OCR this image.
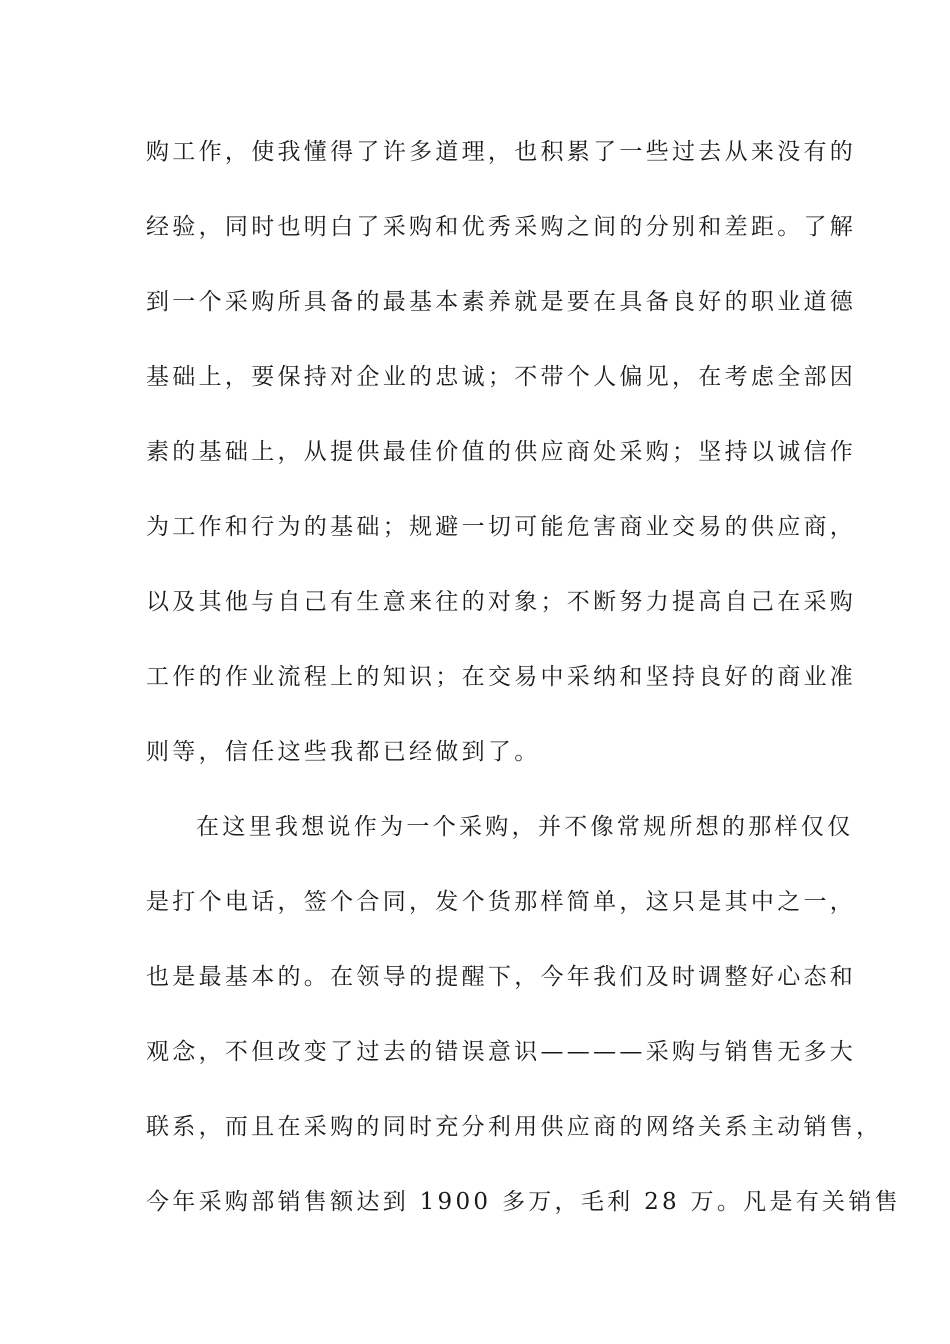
购工作，使我懂得了许多道理，也积累了一些过去从来没有的
经验，同时也明白了采购和优秀采购之间的分别和差距。了解
到一个采购所具备的最基本素养就是要在具备良好的职业道德
基础上，要保持对企业的忠诚；不带个人偏见，在考虑全部因
素的基础上，从提供最佳价值的供应商处采购；坚持以诚信作
为工作和行为的基础；规避一切可能危害商业交易的供应商，
以及其他与自己有生意来往的对象；不断努力提高自己在采购
工作的作业流程上的知识；在交易中采纳和坚持良好的商业准
则等，信任这些我都已经做到了。
在这里我想说作为一个采购，并不像常规所想的那样仅仅
是打个电话，签个合同，发个货那样简单，这只是其中之一，
也是最基本的。在领导的提醒下，今年我们及时调整好心态和
观念，不但改变了过去的错误意识————采购与销售无多大
联系，而且在采购的同时充分利用供应商的网络关系主动销售，
今年采购部销售额达到 1900 多万，毛利 28 万。凡是有关销售
